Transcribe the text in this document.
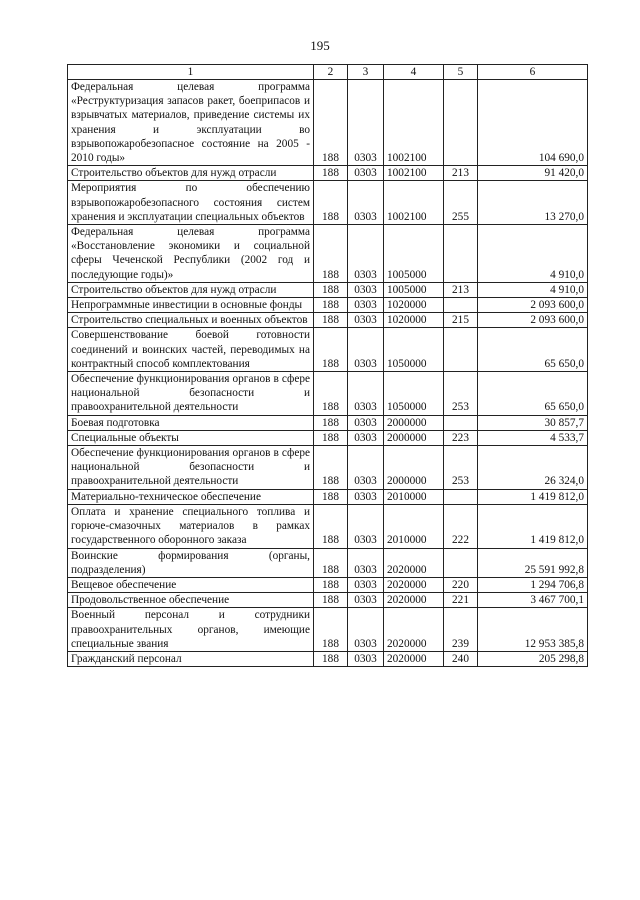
195
1	2	3	4	5	6
Федеральная целевая программа «Реструктуризация запасов ракет, боеприпасов и взрывчатых материалов, приведение системы их хранения и эксплуатации во взрывопожаробезопасное состояние на 2005 - 2010 годы»	188	0303	1002100		104 690,0
Строительство объектов для нужд отрасли	188	0303	1002100	213	91 420,0
Мероприятия по обеспечению взрывопожаробезопасного состояния систем хранения и эксплуатации специальных объектов	188	0303	1002100	255	13 270,0
Федеральная целевая программа «Восстановление экономики и социальной сферы Чеченской Республики (2002 год и последующие годы)»	188	0303	1005000		4 910,0
Строительство объектов для нужд отрасли	188	0303	1005000	213	4 910,0
Непрограммные инвестиции в основные фонды	188	0303	1020000		2 093 600,0
Строительство специальных и военных объектов	188	0303	1020000	215	2 093 600,0
Совершенствование боевой готовности соединений и воинских частей, переводимых на контрактный способ комплектования	188	0303	1050000		65 650,0
Обеспечение функционирования органов в сфере национальной безопасности и правоохранительной деятельности	188	0303	1050000	253	65 650,0
Боевая подготовка	188	0303	2000000		30 857,7
Специальные объекты	188	0303	2000000	223	4 533,7
Обеспечение функционирования органов в сфере национальной безопасности и правоохранительной деятельности	188	0303	2000000	253	26 324,0
Материально-техническое обеспечение	188	0303	2010000		1 419 812,0
Оплата и хранение специального топлива и горюче-смазочных материалов в рамках государственного оборонного заказа	188	0303	2010000	222	1 419 812,0
Воинские формирования (органы, подразделения)	188	0303	2020000		25 591 992,8
Вещевое обеспечение	188	0303	2020000	220	1 294 706,8
Продовольственное обеспечение	188	0303	2020000	221	3 467 700,1
Военный персонал и сотрудники правоохранительных органов, имеющие специальные звания	188	0303	2020000	239	12 953 385,8
Гражданский персонал	188	0303	2020000	240	205 298,8
